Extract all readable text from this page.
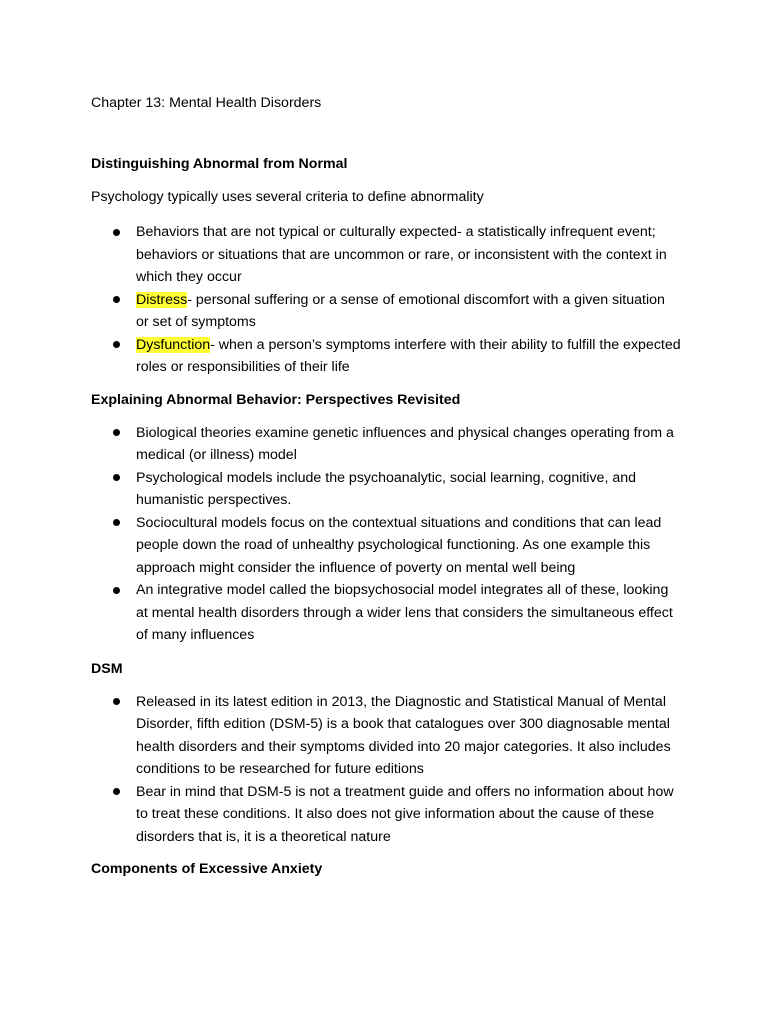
Chapter 13: Mental Health Disorders

Distinguishing Abnormal from Normal

Psychology typically uses several criteria to define abnormality

Behaviors that are not typical or culturally expected- a statistically infrequent event; behaviors or situations that are uncommon or rare, or inconsistent with the context in which they occur
Distress- personal suffering or a sense of emotional discomfort with a given situation or set of symptoms
Dysfunction- when a person’s symptoms interfere with their ability to fulfill the expected roles or responsibilities of their life

Explaining Abnormal Behavior: Perspectives Revisited

Biological theories examine genetic influences and physical changes operating from a medical (or illness) model
Psychological models include the psychoanalytic, social learning, cognitive, and humanistic perspectives.
Sociocultural models focus on the contextual situations and conditions that can lead people down the road of unhealthy psychological functioning. As one example this approach might consider the influence of poverty on mental well being
An integrative model called the biopsychosocial model integrates all of these, looking at mental health disorders through a wider lens that considers the simultaneous effect of many influences

DSM

Released in its latest edition in 2013, the Diagnostic and Statistical Manual of Mental Disorder, fifth edition (DSM-5) is a book that catalogues over 300 diagnosable mental health disorders and their symptoms divided into 20 major categories. It also includes conditions to be researched for future editions
Bear in mind that DSM-5 is not a treatment guide and offers no information about how to treat these conditions. It also does not give information about the cause of these disorders that is, it is a theoretical nature

Components of Excessive Anxiety
